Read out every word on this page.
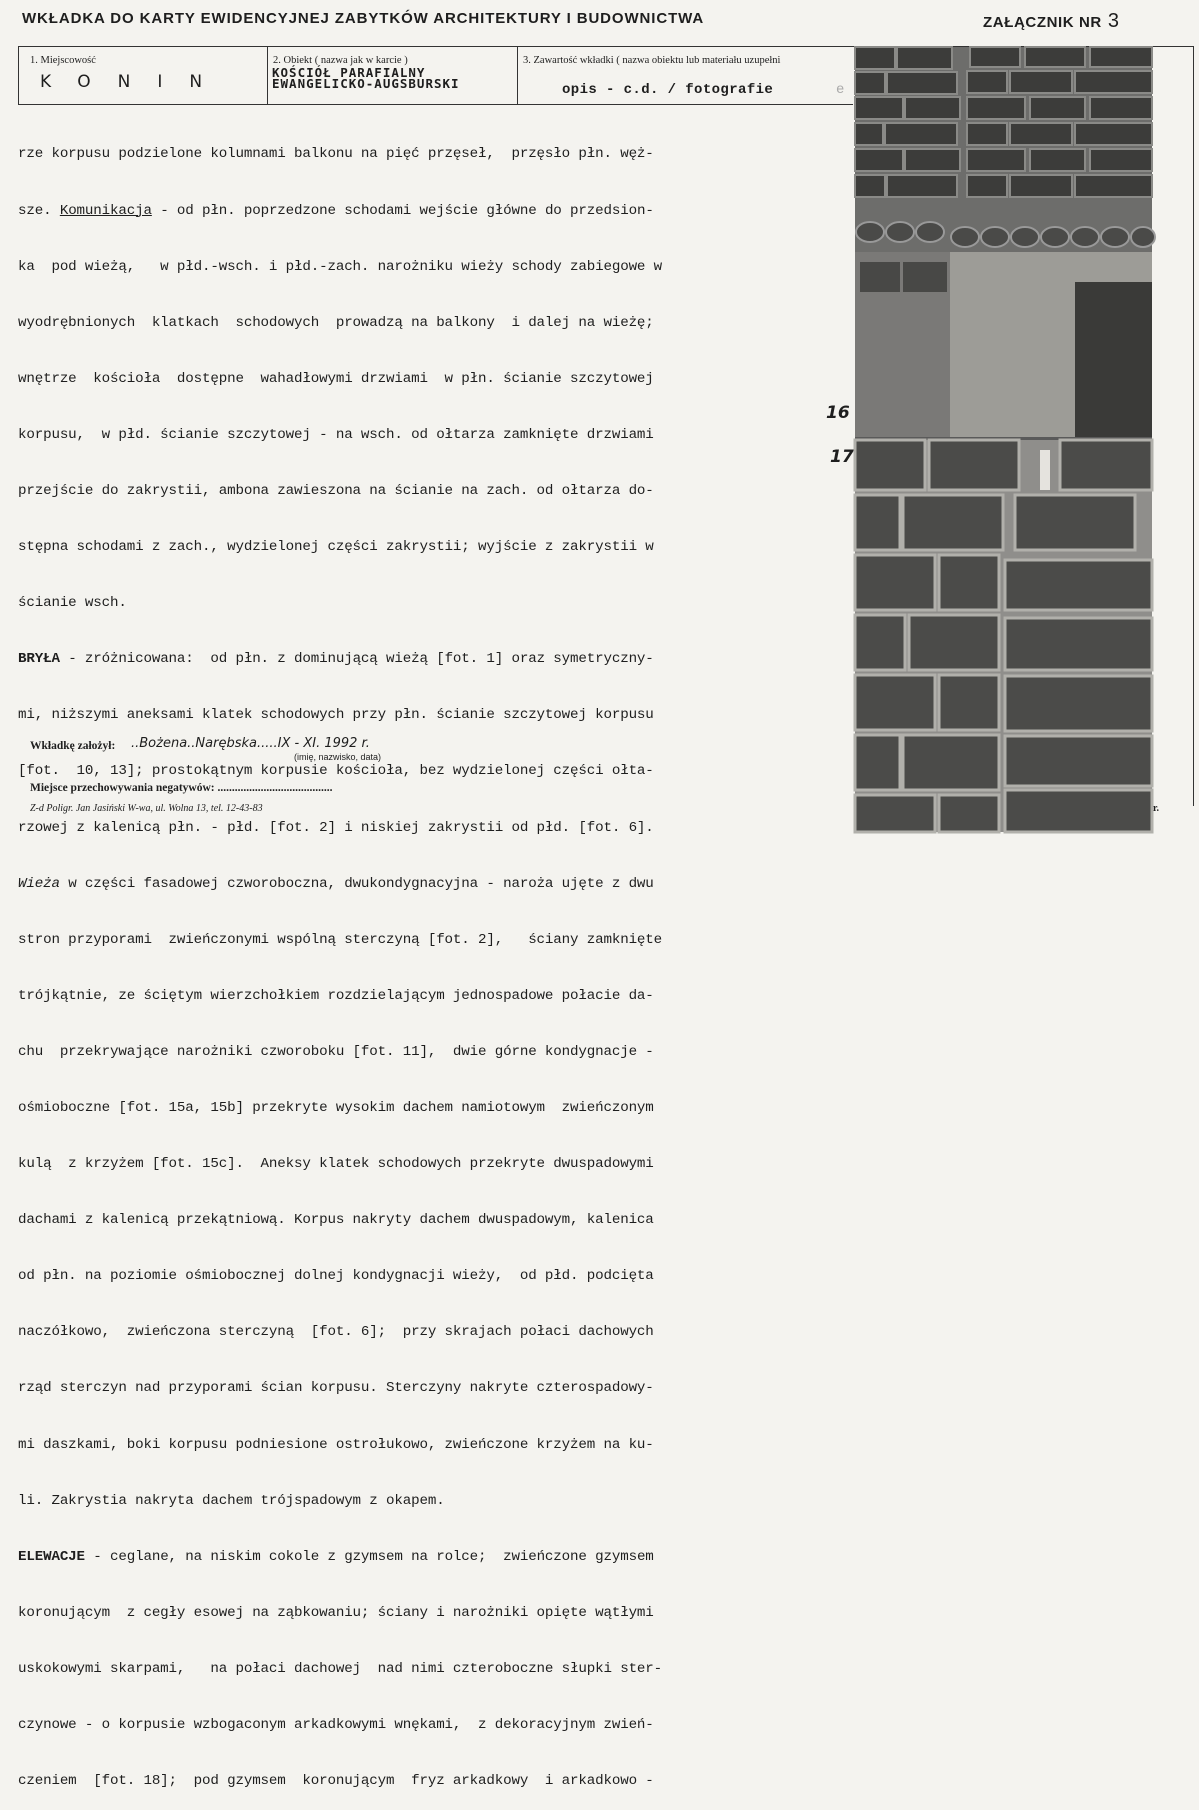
WKŁADKA DO KARTY EWIDENCYJNEJ ZABYTKÓW ARCHITEKTURY I BUDOWNICTWA	ZAŁĄCZNIK NR 3
1. Miejscowość
KONIN
2. Obiekt ( nazwa jak w karcie )
KOŚCIÓŁ PARAFIALNY
EWANGELICKO-AUGSBURSKI
3. Zawartość wkładki ( nazwa obiektu lub materiału uzupełni
opis - c.d. / fotografie	e

rze korpusu podzielone kolumnami balkonu na pięć przęseł,  przęsło płn. węż-

sze. Komunikacja - od płn. poprzedzone schodami wejście główne do przedsion-

ka  pod wieżą,   w płd.-wsch. i płd.-zach. narożniku wieży schody zabiegowe w

wyodrębnionych  klatkach  schodowych  prowadzą na balkony  i dalej na wieżę;

wnętrze  kościoła  dostępne  wahadłowymi drzwiami  w płn. ścianie szczytowej

korpusu,  w płd. ścianie szczytowej - na wsch. od ołtarza zamknięte drzwiami

przejście do zakrystii, ambona zawieszona na ścianie na zach. od ołtarza do-

stępna schodami z zach., wydzielonej części zakrystii; wyjście z zakrystii w

ścianie wsch.

BRYŁA - zróżnicowana:  od płn. z dominującą wieżą [fot. 1] oraz symetryczny-

mi, niższymi aneksami klatek schodowych przy płn. ścianie szczytowej korpusu

[fot.  10, 13]; prostokątnym korpusie kościoła, bez wydzielonej części ołta-

rzowej z kalenicą płn. - płd. [fot. 2] i niskiej zakrystii od płd. [fot. 6].

Wieża w części fasadowej czworoboczna, dwukondygnacyjna - naroża ujęte z dwu

stron przyporami  zwieńczonymi wspólną sterczyną [fot. 2],   ściany zamknięte

trójkątnie, ze ściętym wierzchołkiem rozdzielającym jednospadowe połacie da-

chu  przekrywające narożniki czworoboku [fot. 11],  dwie górne kondygnacje -

ośmioboczne [fot. 15a, 15b] przekryte wysokim dachem namiotowym  zwieńczonym

kulą  z krzyżem [fot. 15c].  Aneksy klatek schodowych przekryte dwuspadowymi

dachami z kalenicą przekątniową. Korpus nakryty dachem dwuspadowym, kalenica

od płn. na poziomie ośmiobocznej dolnej kondygnacji wieży,  od płd. podcięta

naczółkowo,  zwieńczona sterczyną  [fot. 6];  przy skrajach połaci dachowych

rząd sterczyn nad przyporami ścian korpusu. Sterczyny nakryte czterospadowy-

mi daszkami, boki korpusu podniesione ostrołukowo, zwieńczone krzyżem na ku-

li. Zakrystia nakryta dachem trójspadowym z okapem.

ELEWACJE - ceglane, na niskim cokole z gzymsem na rolce;  zwieńczone gzymsem

koronującym  z cegły esowej na ząbkowaniu; ściany i narożniki opięte wątłymi

uskokowymi skarpami,   na połaci dachowej  nad nimi czteroboczne słupki ster-

czynowe - o korpusie wzbogaconym arkadkowymi wnękami,  z dekoracyjnym zwień-

czeniem  [fot. 18];  pod gzymsem  koronującym  fryz arkadkowy  i arkadkowo -

16
17
Wkładkę założył: ..Bożena..Narębska.....IX - XI. 1992 r.
(imię, nazwisko, data)
Miejsce przechowywania negatywów: ........................................
Z-d Poligr. Jan Jasiński W-wa, ul. Wolna 13, tel. 12-43-83	r.
